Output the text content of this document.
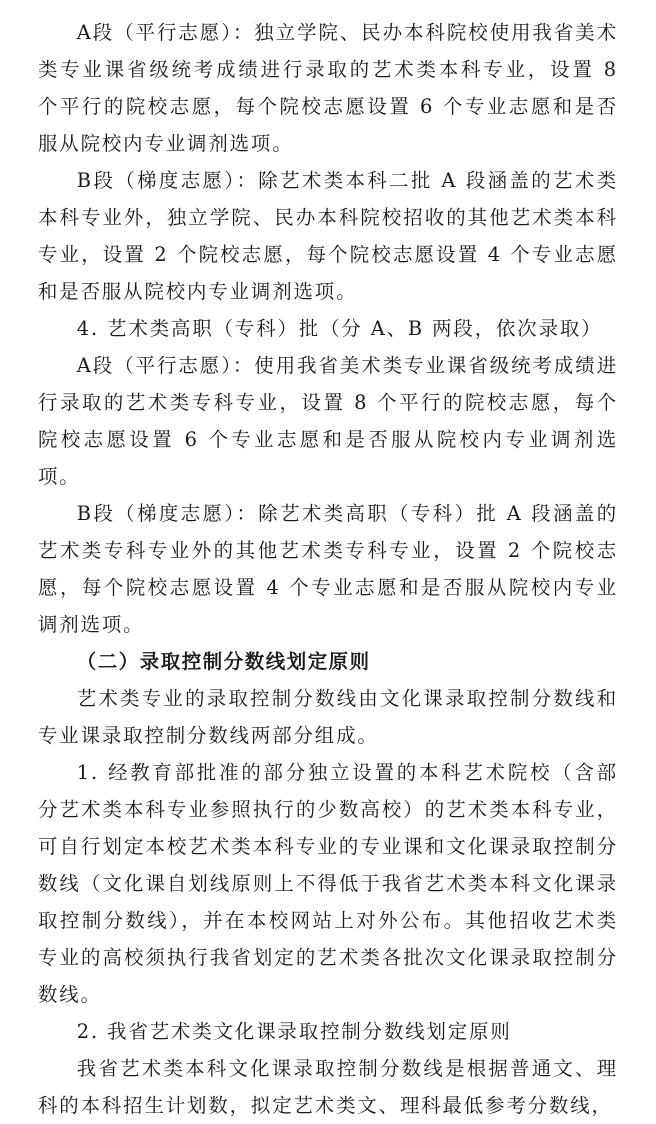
A段（平行志愿）：独立学院、民办本科院校使用我省美术类专业课省级统考成绩进行录取的艺术类本科专业，设置 8 个平行的院校志愿，每个院校志愿设置 6 个专业志愿和是否服从院校内专业调剂选项。

B段（梯度志愿）：除艺术类本科二批 A 段涵盖的艺术类本科专业外，独立学院、民办本科院校招收的其他艺术类本科专业，设置 2 个院校志愿，每个院校志愿设置 4 个专业志愿和是否服从院校内专业调剂选项。

4. 艺术类高职（专科）批（分 A、B 两段，依次录取）

A段（平行志愿）：使用我省美术类专业课省级统考成绩进行录取的艺术类专科专业，设置 8 个平行的院校志愿，每个院校志愿设置 6 个专业志愿和是否服从院校内专业调剂选项。

B段（梯度志愿）：除艺术类高职（专科）批 A 段涵盖的艺术类专科专业外的其他艺术类专科专业，设置 2 个院校志愿，每个院校志愿设置 4 个专业志愿和是否服从院校内专业调剂选项。

（二）录取控制分数线划定原则

艺术类专业的录取控制分数线由文化课录取控制分数线和专业课录取控制分数线两部分组成。

1. 经教育部批准的部分独立设置的本科艺术院校（含部分艺术类本科专业参照执行的少数高校）的艺术类本科专业，可自行划定本校艺术类本科专业的专业课和文化课录取控制分数线（文化课自划线原则上不得低于我省艺术类本科文化课录取控制分数线），并在本校网站上对外公布。其他招收艺术类专业的高校须执行我省划定的艺术类各批次文化课录取控制分数线。

2. 我省艺术类文化课录取控制分数线划定原则

我省艺术类本科文化课录取控制分数线是根据普通文、理科的本科招生计划数，拟定艺术类文、理科最低参考分数线，
